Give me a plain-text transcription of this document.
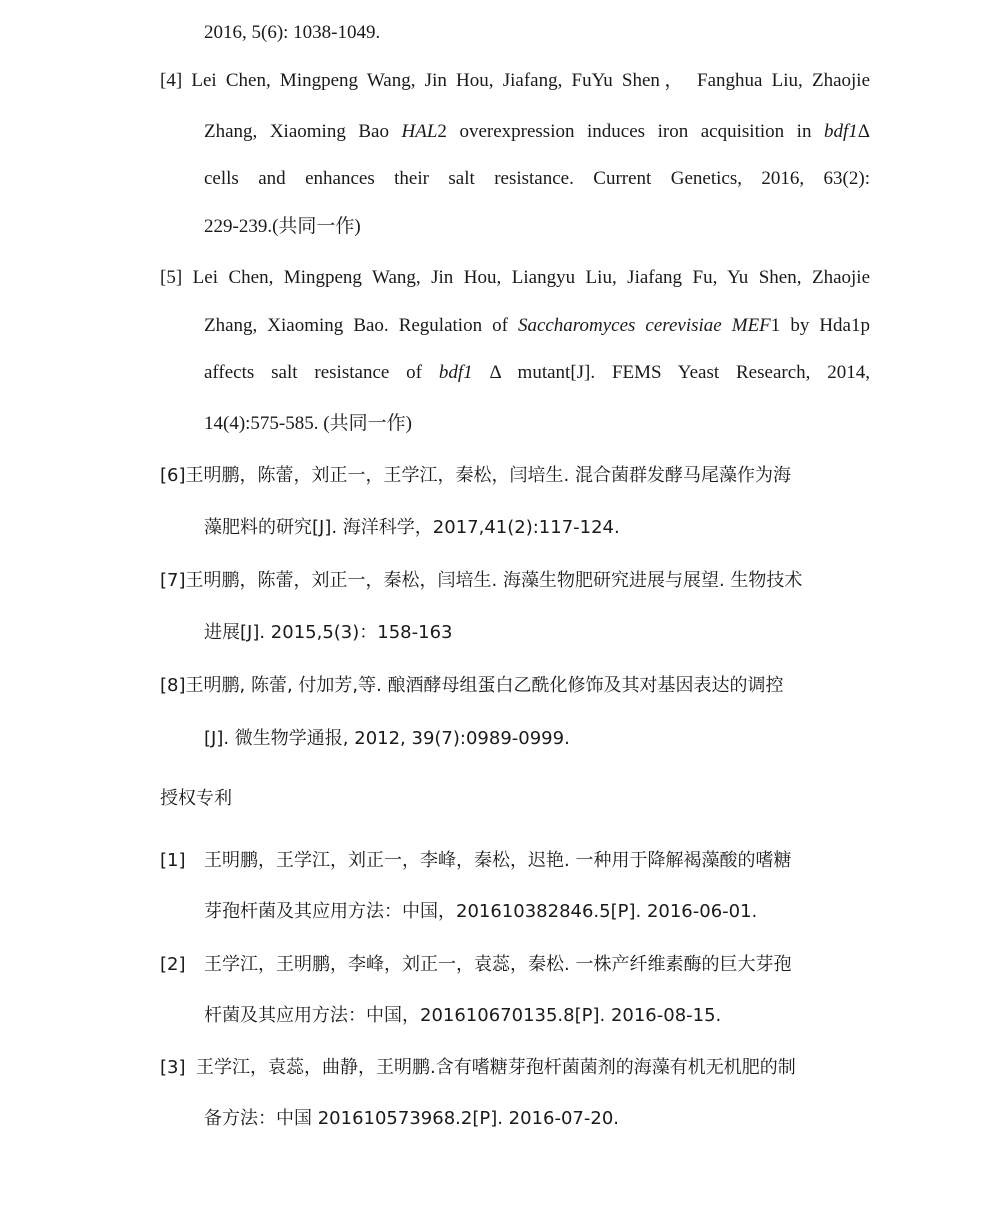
2016, 5(6): 1038-1049.
[4] Lei Chen, Mingpeng Wang, Jin Hou, Jiafang, FuYu Shen， Fanghua Liu, Zhaojie
Zhang, Xiaoming Bao HAL2 overexpression induces iron acquisition in bdf1Δ
cells and enhances their salt resistance. Current Genetics, 2016, 63(2):
229-239.(共同一作)
[5] Lei Chen, Mingpeng Wang, Jin Hou, Liangyu Liu, Jiafang Fu, Yu Shen, Zhaojie
Zhang, Xiaoming Bao. Regulation of Saccharomyces cerevisiae MEF1 by Hda1p
affects salt resistance of bdf1 Δ mutant[J]. FEMS Yeast Research, 2014,
14(4):575-585. (共同一作)
[6]王明鹏，陈蕾，刘正一，王学江，秦松，闫培生. 混合菌群发酵马尾藻作为海
藻肥料的研究[J]. 海洋科学，2017,41(2):117-124.
[7]王明鹏，陈蕾，刘正一，秦松，闫培生. 海藻生物肥研究进展与展望. 生物技术
进展[J]. 2015,5(3)：158-163
[8]王明鹏, 陈蕾, 付加芳,等. 酿酒酵母组蛋白乙酰化修饰及其对基因表达的调控
[J]. 微生物学通报, 2012, 39(7):0989-0999.
授权专利
[1] 王明鹏，王学江，刘正一，李峰，秦松，迟艳. 一种用于降解褐藻酸的嗜糖
芽孢杆菌及其应用方法：中国，201610382846.5[P]. 2016-06-01.
[2] 王学江，王明鹏，李峰，刘正一，袁蕊，秦松. 一株产纤维素酶的巨大芽孢
杆菌及其应用方法：中国，201610670135.8[P]. 2016-08-15.
[3] 王学江，袁蕊，曲静，王明鹏.含有嗜糖芽孢杆菌菌剂的海藻有机无机肥的制
备方法：中国 201610573968.2[P]. 2016-07-20.
